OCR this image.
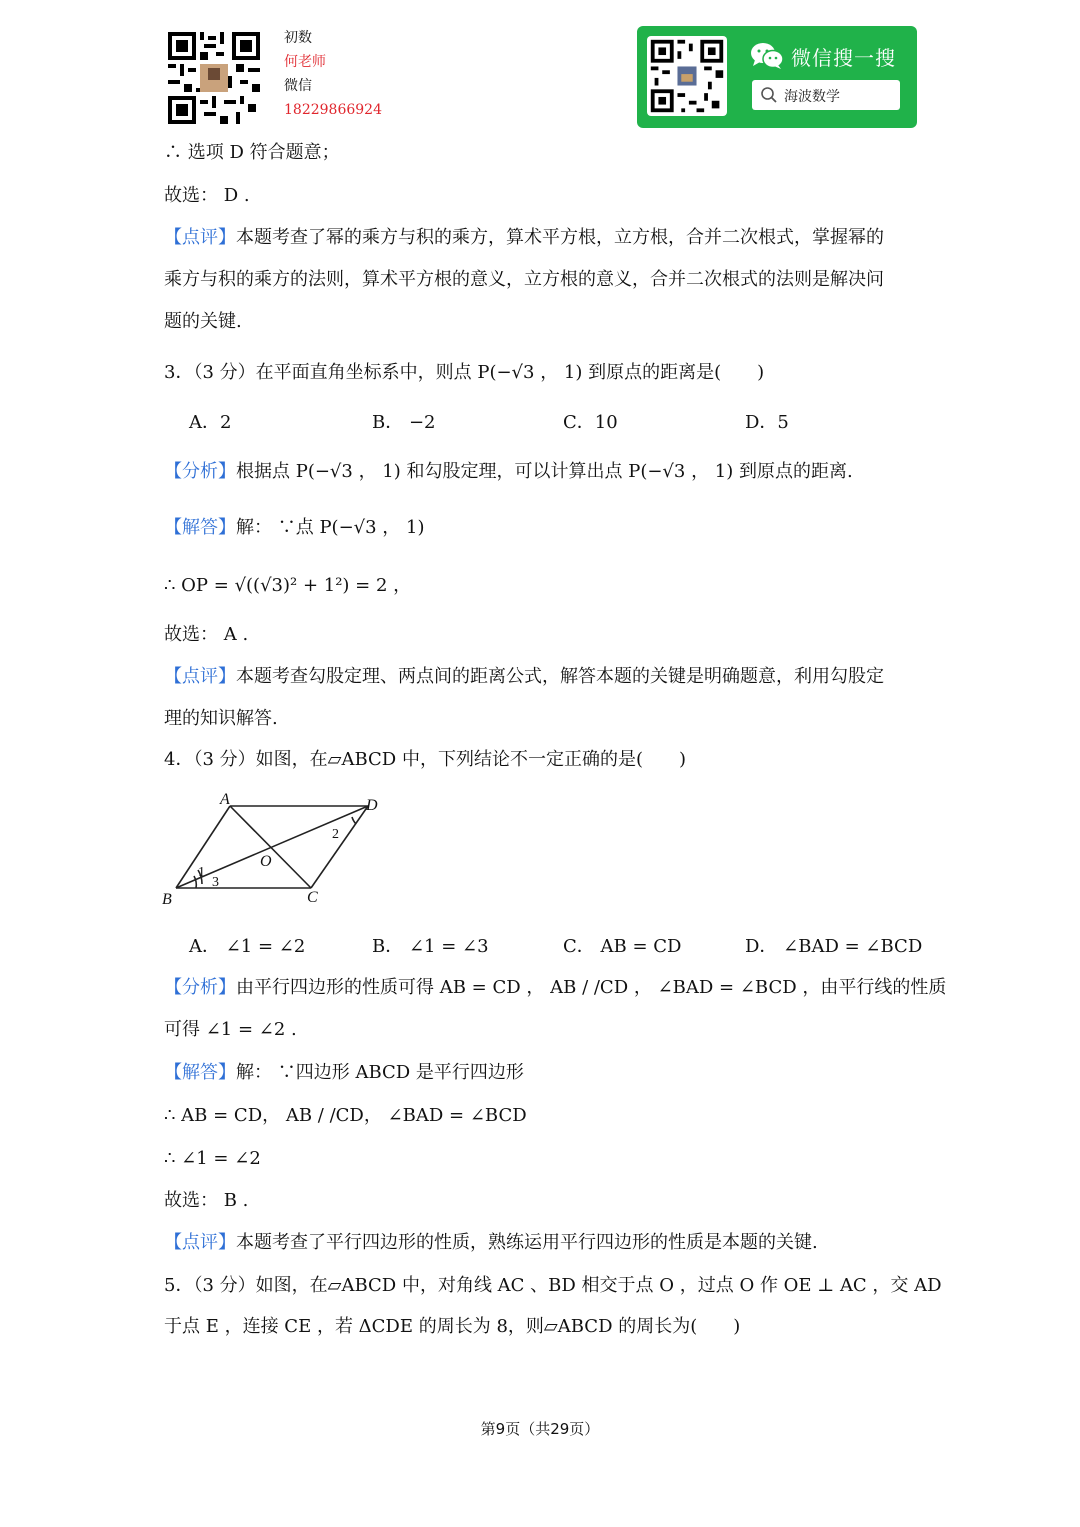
初数
何老师
微信
18229866924
微信搜一搜
海波数学
∴ 选项 D 符合题意；
故选： D .
【点评】本题考查了幂的乘方与积的乘方，算术平方根，立方根，合并二次根式，掌握幂的
乘方与积的乘方的法则，算术平方根的意义，立方根的意义，合并二次根式的法则是解决问
题的关键.
3．（3 分）在平面直角坐标系中，则点 P(−√3 ， 1) 到原点的距离是(　　)
A．2	B． −2	C．10	D．5
【分析】根据点 P(−√3 ， 1) 和勾股定理，可以计算出点 P(−√3 ， 1) 到原点的距离.
【解答】解： ∵点 P(−√3 ， 1)
∴ OP = √((√3)² + 1²) = 2 ，
故选： A .
【点评】本题考查勾股定理、两点间的距离公式，解答本题的关键是明确题意，利用勾股定
理的知识解答.
4．（3 分）如图，在▱ABCD 中，下列结论不一定正确的是(　　)
A	D
B	C
O
1
2
3
A． ∠1 = ∠2	B． ∠1 = ∠3	C． AB = CD	D． ∠BAD = ∠BCD
【分析】由平行四边形的性质可得 AB = CD ， AB / /CD ， ∠BAD = ∠BCD ，由平行线的性质
可得 ∠1 = ∠2 .
【解答】解： ∵四边形 ABCD 是平行四边形
∴ AB = CD， AB / /CD， ∠BAD = ∠BCD
∴ ∠1 = ∠2
故选： B .
【点评】本题考查了平行四边形的性质，熟练运用平行四边形的性质是本题的关键.
5．（3 分）如图，在▱ABCD 中，对角线 AC 、BD 相交于点 O ，过点 O 作 OE ⊥ AC ，交 AD
于点 E ，连接 CE ，若 ΔCDE 的周长为 8，则▱ABCD 的周长为(　　)
第9页（共29页）
